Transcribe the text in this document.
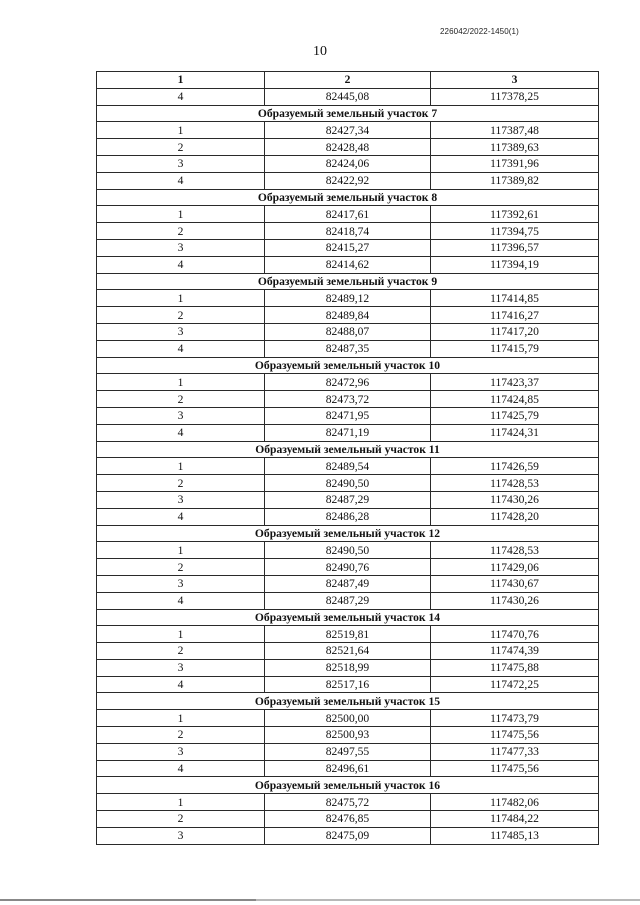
226042/2022-1450(1)
10
1	2	3
4	82445,08	117378,25
Образуемый земельный участок 7		
1	82427,34	117387,48
2	82428,48	117389,63
3	82424,06	117391,96
4	82422,92	117389,82
Образуемый земельный участок 8		
1	82417,61	117392,61
2	82418,74	117394,75
3	82415,27	117396,57
4	82414,62	117394,19
Образуемый земельный участок 9		
1	82489,12	117414,85
2	82489,84	117416,27
3	82488,07	117417,20
4	82487,35	117415,79
Образуемый земельный участок 10		
1	82472,96	117423,37
2	82473,72	117424,85
3	82471,95	117425,79
4	82471,19	117424,31
Образуемый земельный участок 11		
1	82489,54	117426,59
2	82490,50	117428,53
3	82487,29	117430,26
4	82486,28	117428,20
Образуемый земельный участок 12		
1	82490,50	117428,53
2	82490,76	117429,06
3	82487,49	117430,67
4	82487,29	117430,26
Образуемый земельный участок 14		
1	82519,81	117470,76
2	82521,64	117474,39
3	82518,99	117475,88
4	82517,16	117472,25
Образуемый земельный участок 15		
1	82500,00	117473,79
2	82500,93	117475,56
3	82497,55	117477,33
4	82496,61	117475,56
Образуемый земельный участок 16		
1	82475,72	117482,06
2	82476,85	117484,22
3	82475,09	117485,13
